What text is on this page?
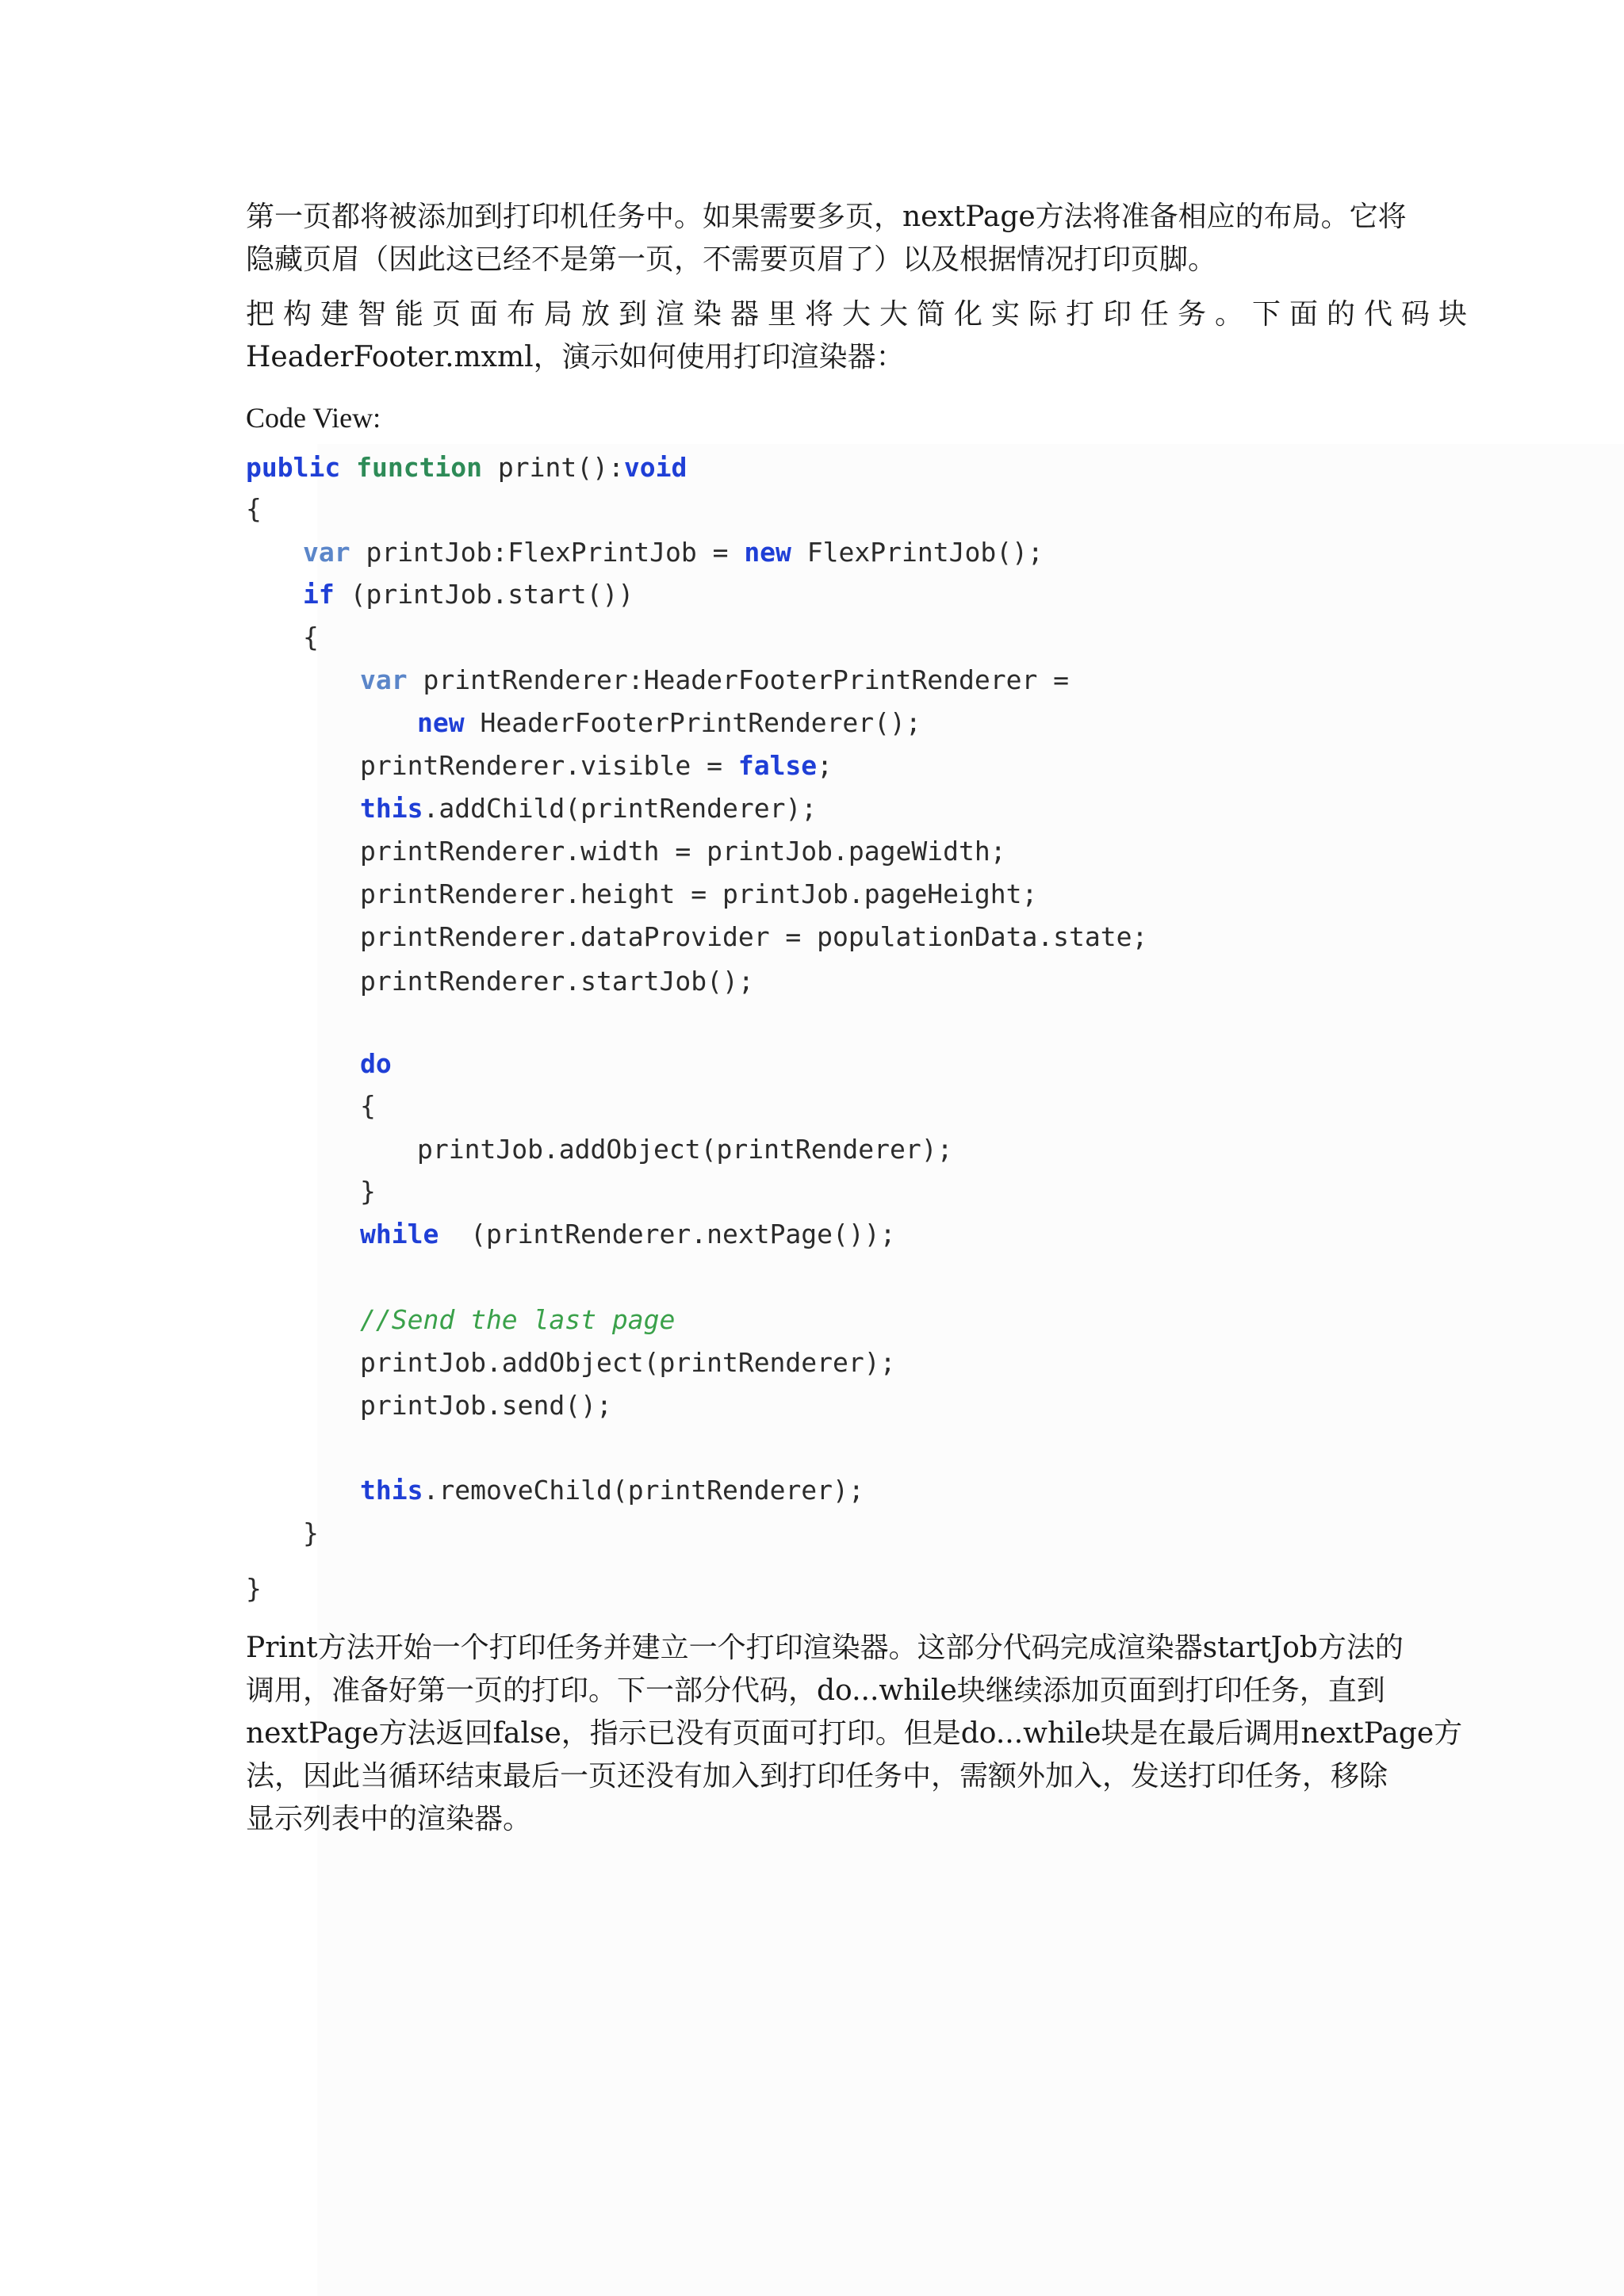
第一页都将被添加到打印机任务中。如果需要多页，nextPage方法将准备相应的布局。它将
隐藏页眉（因此这已经不是第一页，不需要页眉了）以及根据情况打印页脚。

把构建智能页面布局放到渲染器里将大大简化实际打印任务。下面的代码块
HeaderFooter.mxml，演示如何使用打印渲染器：

Code View:
public function print():void
{
var printJob:FlexPrintJob = new FlexPrintJob();
if (printJob.start())
{
var printRenderer:HeaderFooterPrintRenderer =
new HeaderFooterPrintRenderer();
printRenderer.visible = false;
this.addChild(printRenderer);
printRenderer.width = printJob.pageWidth;
printRenderer.height = printJob.pageHeight;
printRenderer.dataProvider = populationData.state;
printRenderer.startJob();
do
{
printJob.addObject(printRenderer);
}
while  (printRenderer.nextPage());
//Send the last page
printJob.addObject(printRenderer);
printJob.send();
this.removeChild(printRenderer);
}
}

Print方法开始一个打印任务并建立一个打印渲染器。这部分代码完成渲染器startJob方法的
调用，准备好第一页的打印。下一部分代码，do...while块继续添加页面到打印任务，直到
nextPage方法返回false，指示已没有页面可打印。但是do...while块是在最后调用nextPage方
法，因此当循环结束最后一页还没有加入到打印任务中，需额外加入，发送打印任务，移除
显示列表中的渲染器。
